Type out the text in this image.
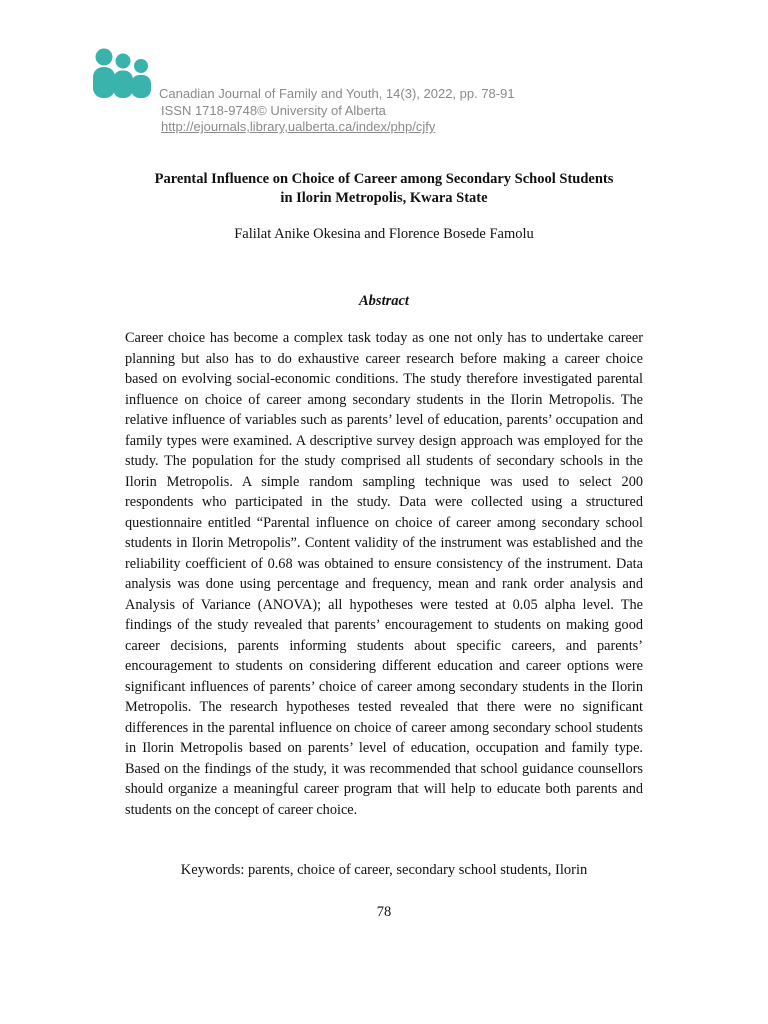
Canadian Journal of Family and Youth, 14(3), 2022, pp. 78-91
ISSN 1718-9748© University of Alberta
http://ejournals,library,ualberta.ca/index/php/cjfy
Parental Influence on Choice of Career among Secondary School Students
in Ilorin Metropolis, Kwara State
Falilat Anike Okesina and Florence Bosede Famolu
Abstract
Career choice has become a complex task today as one not only has to undertake career planning but also has to do exhaustive career research before making a career choice based on evolving social-economic conditions. The study therefore investigated parental influence on choice of career among secondary students in the Ilorin Metropolis. The relative influence of variables such as parents’ level of education, parents’ occupation and family types were examined. A descriptive survey design approach was employed for the study. The population for the study comprised all students of secondary schools in the Ilorin Metropolis. A simple random sampling technique was used to select 200 respondents who participated in the study. Data were collected using a structured questionnaire entitled “Parental influence on choice of career among secondary school students in Ilorin Metropolis”. Content validity of the instrument was established and the reliability coefficient of 0.68 was obtained to ensure consistency of the instrument. Data analysis was done using percentage and frequency, mean and rank order analysis and Analysis of Variance (ANOVA); all hypotheses were tested at 0.05 alpha level. The findings of the study revealed that parents’ encouragement to students on making good career decisions, parents informing students about specific careers, and parents’ encouragement to students on considering different education and career options were significant influences of parents’ choice of career among secondary students in the Ilorin Metropolis. The research hypotheses tested revealed that there were no significant differences in the parental influence on choice of career among secondary school students in Ilorin Metropolis based on parents’ level of education, occupation and family type. Based on the findings of the study, it was recommended that school guidance counsellors should organize a meaningful career program that will help to educate both parents and students on the concept of career choice.
Keywords: parents, choice of career, secondary school students, Ilorin
78
